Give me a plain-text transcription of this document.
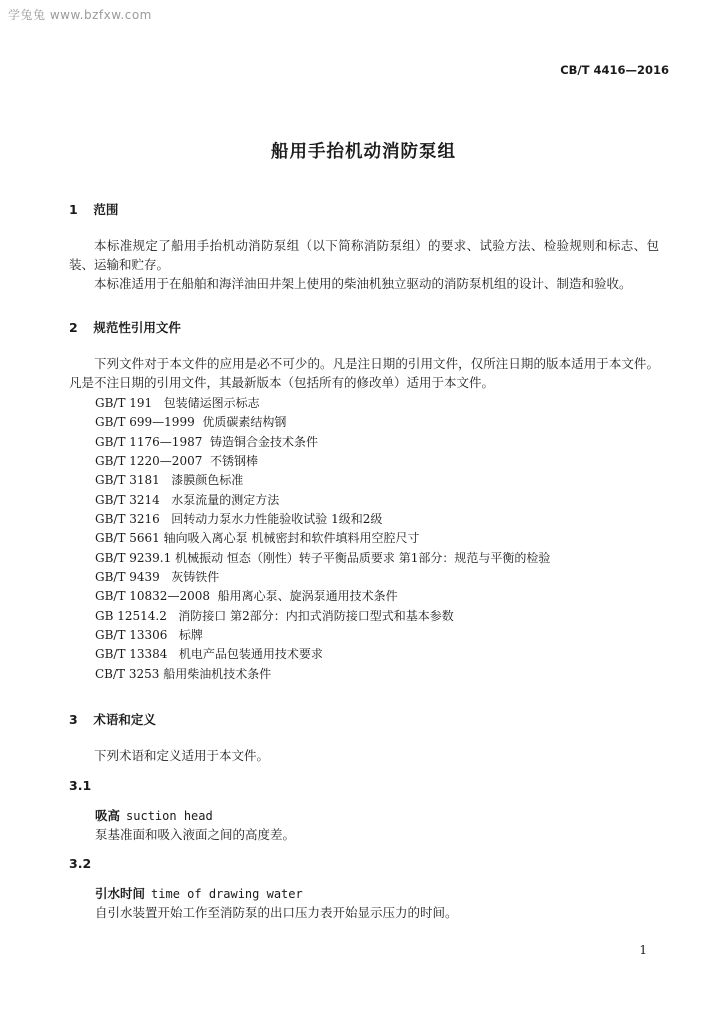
学兔兔 www.bzfxw.com
CB/T 4416—2016
船用手抬机动消防泵组
1 范围

本标准规定了船用手抬机动消防泵组（以下简称消防泵组）的要求、试验方法、检验规则和标志、包装、运输和贮存。

本标准适用于在船舶和海洋油田井架上使用的柴油机独立驱动的消防泵机组的设计、制造和验收。

2 规范性引用文件

下列文件对于本文件的应用是必不可少的。凡是注日期的引用文件，仅所注日期的版本适用于本文件。凡是不注日期的引用文件，其最新版本（包括所有的修改单）适用于本文件。

GB/T 191 包装储运图示标志
GB/T 699—1999 优质碳素结构钢
GB/T 1176—1987 铸造铜合金技术条件
GB/T 1220—2007 不锈钢棒
GB/T 3181 漆膜颜色标准
GB/T 3214 水泵流量的测定方法
GB/T 3216 回转动力泵水力性能验收试验 1级和2级
GB/T 5661 轴向吸入离心泵 机械密封和软件填料用空腔尺寸
GB/T 9239.1 机械振动 恒态（刚性）转子平衡品质要求 第1部分：规范与平衡的检验
GB/T 9439 灰铸铁件
GB/T 10832—2008 船用离心泵、旋涡泵通用技术条件
GB 12514.2 消防接口 第2部分：内扣式消防接口型式和基本参数
GB/T 13306 标牌
GB/T 13384 机电产品包装通用技术要求
CB/T 3253 船用柴油机技术条件
3 术语和定义

下列术语和定义适用于本文件。

3.1
吸高 suction head
泵基准面和吸入液面之间的高度差。
3.2
引水时间 time of drawing water
自引水装置开始工作至消防泵的出口压力表开始显示压力的时间。
1
